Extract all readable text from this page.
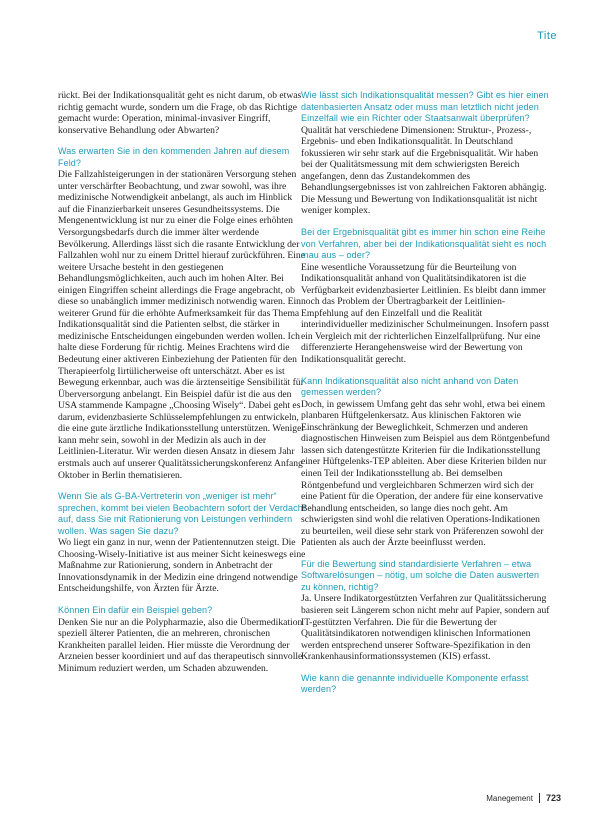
Tite
rückt. Bei der Indikationsqualität geht es nicht darum, ob etwas richtig gemacht wurde, sondern um die Frage, ob das Richtige gemacht wurde: Operation, minimal-invasiver Eingriff, konservative Behandlung oder Abwarten?
Was erwarten Sie in den kommenden Jahren auf diesem Feld?
Die Fallzahlsteigerungen in der stationären Versorgung stehen unter verschärfter Beobachtung, und zwar sowohl, was ihre medizinische Notwendigkeit anbelangt, als auch im Hinblick auf die Finanzierbarkeit unseres Gesundheitssystems. Die Mengenentwicklung ist nur zu einer die Folge eines erhöhten Versorgungsbedarfs durch die immer älter werdende Bevölkerung. Allerdings lässt sich die rasante Entwicklung der Fallzahlen wohl nur zu einem Drittel hierauf zurückführen. Eine weitere Ursache besteht in den gestiegenen Behandlungsmöglichkeiten, auch auch im hohen Alter. Bei einigen Eingriffen scheint allerdings die Frage angebracht, ob diese so unabänglich immer medizinisch notwendig waren. Ein weiterer Grund für die erhöhte Aufmerksamkeit für das Thema Indikationsqualität sind die Patienten selbst, die stärker in medizinische Entscheidungen eingebunden werden wollen. Ich halte diese Forderung für richtig. Meines Erachtens wird die Bedeutung einer aktiveren Einbeziehung der Patienten für den Therapieerfolg Iirtülicherweise oft unterschätzt. Aber es ist Bewegung erkennbar, auch was die ärztenseitige Sensibilität für Überversorgung anbelangt. Ein Beispiel dafür ist die aus den USA stammende Kampagne „Choosing Wisely“. Dabei geht es darum, evidenzbasierte Schlüsselempfehlungen zu entwickeln, die eine gute ärztliche Indikationsstellung unterstützen. Weniger kann mehr sein, sowohl in der Medizin als auch in der Leitlinien-Literatur. Wir werden diesen Ansatz in diesem Jahr erstmals auch auf unserer Qualitätssicherungskonferenz Anfang Oktober in Berlin thematisieren.
Wenn Sie als G-BA-Vertreterin von „weniger ist mehr“ sprechen, kommt bei vielen Beobachtern sofort der Verdacht auf, dass Sie mit Rationierung von Leistungen verhindern wollen. Was sagen Sie dazu?
Wo liegt ein ganz in nur, wenn der Patientennutzen steigt. Die Choosing-Wisely-Initiative ist aus meiner Sicht keineswegs eine Maßnahme zur Rationierung, sondern in Anbetracht der Innovationsdynamik in der Medizin eine dringend notwendige Entscheidungshilfe, von Ärzten für Ärzte.
Können Ein dafür ein Beispiel geben?
Denken Sie nur an die Polypharmazie, also die Übermedikation speziell älterer Patienten, die an mehreren, chronischen Krankheiten parallel leiden. Hier müsste die Verordnung der Arzneien besser koordiniert und auf das therapeutisch sinnvolle Minimum reduziert werden, um Schaden abzuwenden.
Wie lässt sich Indikationsqualität messen? Gibt es hier einen datenbasierten Ansatz oder muss man letztlich nicht jeden Einzelfall wie ein Richter oder Staatsanwalt überprüfen?
Qualität hat verschiedene Dimensionen: Struktur-, Prozess-, Ergebnis- und eben Indikationsqualität. In Deutschland fokussieren wir sehr stark auf die Ergebnisqualität. Wir haben bei der Qualitätsmessung mit dem schwierigsten Bereich angefangen, denn das Zustandekommen des Behandlungsergebnisses ist von zahlreichen Faktoren abhängig. Die Messung und Bewertung von Indikationsqualität ist nicht weniger komplex.
Bei der Ergebnisqualität gibt es immer hin schon eine Reihe von Verfahren, aber bei der Indikationsqualität sieht es noch mau aus – oder?
Eine wesentliche Voraussetzung für die Beurteilung von Indikationsqualität anhand von Qualitätsindikatoren ist die Verfügbarkeit evidenzbasierter Leitlinien. Es bleibt dann immer noch das Problem der Übertragbarkeit der Leitlinien-Empfehlung auf den Einzelfall und die Realität interindividueller medizinischer Schulmeinungen. Insofern passt ein Vergleich mit der richterlichen Einzelfallprüfung. Nur eine differenzierte Herangehensweise wird der Bewertung von Indikationsqualität gerecht.
Kann Indikationsqualität also nicht anhand von Daten gemessen werden?
Doch, in gewissem Umfang geht das sehr wohl, etwa bei einem planbaren Hüftgelenkersatz. Aus klinischen Faktoren wie Einschränkung der Beweglichkeit, Schmerzen und anderen diagnostischen Hinweisen zum Beispiel aus dem Röntgenbefund lassen sich datengestützte Kriterien für die Indikationsstellung einer Hüftgelenks-TEP ableiten. Aber diese Kriterien bilden nur einen Teil der Indikationsstellung ab. Bei demselben Röntgenbefund und vergleichbaren Schmerzen wird sich der eine Patient für die Operation, der andere für eine konservative Behandlung entscheiden, so lange dies noch geht. Am schwierigsten sind wohl die relativen Operations-Indikationen zu beurteilen, weil diese sehr stark von Präferenzen sowohl der Patienten als auch der Ärzte beeinflusst werden.
Für die Bewertung sind standardisierte Verfahren – etwa Softwarelösungen – nötig, um solche die Daten auswerten zu können, richtig?
Ja. Unsere Indikatorgestützten Verfahren zur Qualitätssicherung basieren seit Längerem schon nicht mehr auf Papier, sondern auf IT-gestützten Verfahren. Die für die Bewertung der Qualitätsindikatoren notwendigen klinischen Informationen werden entsprechend unserer Software-Spezifikation in den Krankenhausinformationssystemen (KIS) erfasst.
Wie kann die genannte individuelle Komponente erfasst werden?
Manegement 723
